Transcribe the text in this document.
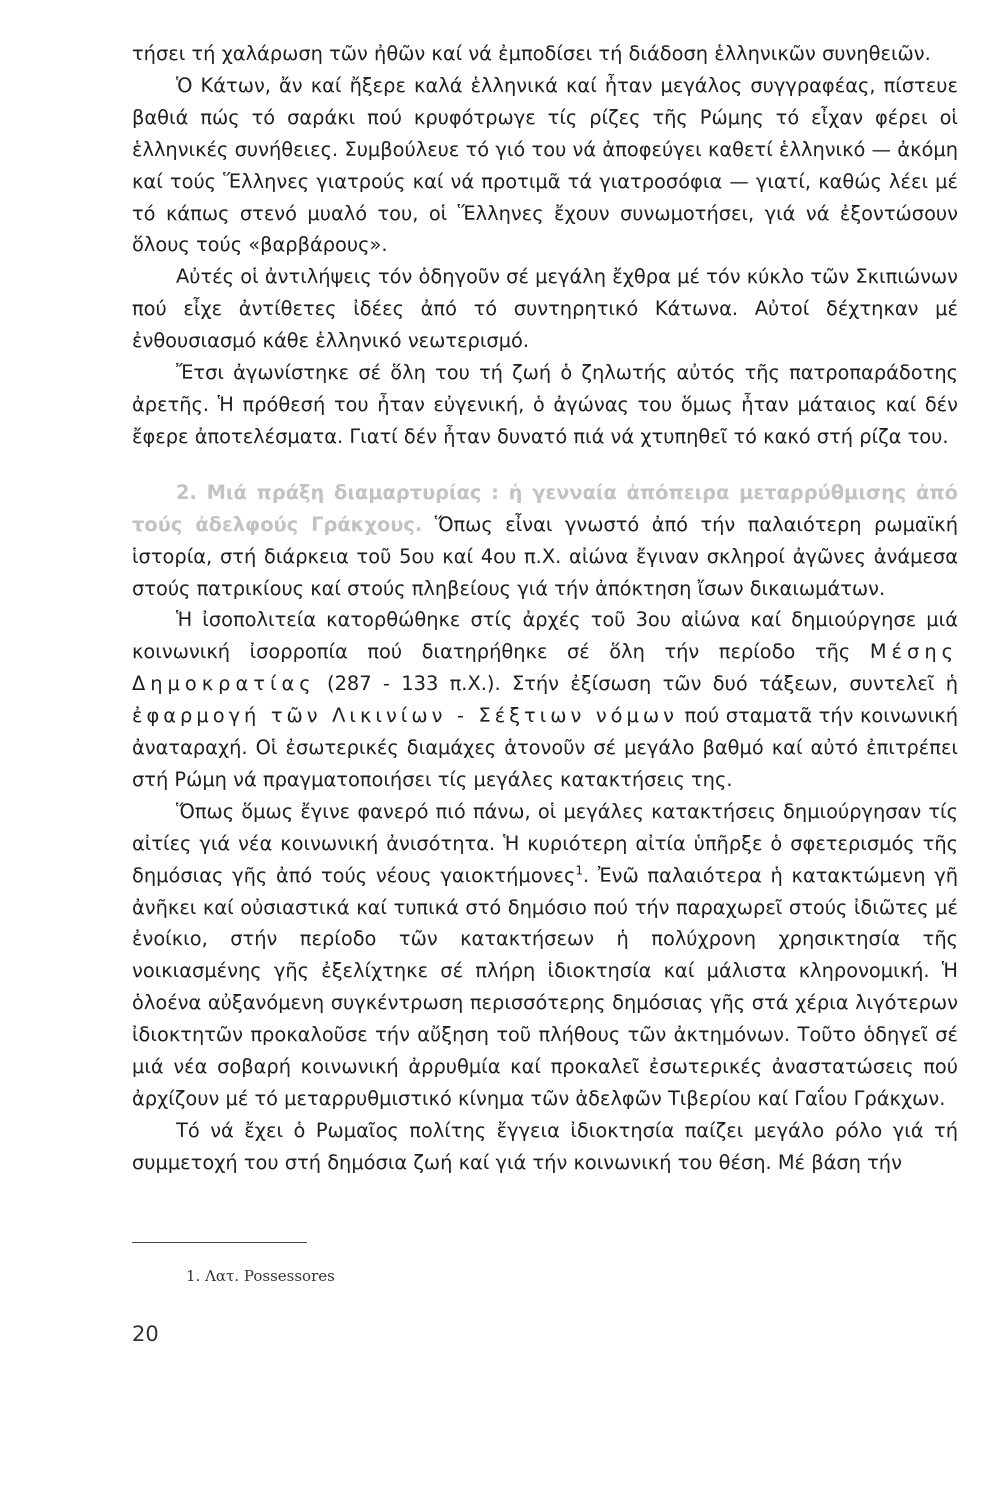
τήσει τή χαλάρωση τῶν ἠθῶν καί νά ἐμποδίσει τή διάδοση ἑλληνικῶν συνηθειῶν.

Ὁ Κάτων, ἄν καί ἤξερε καλά ἑλληνικά καί ἦταν μεγάλος συγγραφέας, πίστευε βαθιά πώς τό σαράκι πού κρυφότρωγε τίς ρίζες τῆς Ρώμης τό εἶχαν φέρει οἱ ἑλληνικές συνήθειες. Συμβούλευε τό γιό του νά ἀποφεύγει καθετί ἑλληνικό — ἀκόμη καί τούς Ἕλληνες γιατρούς καί νά προτιμᾶ τά γιατροσόφια — γιατί, καθώς λέει μέ τό κάπως στενό μυαλό του, οἱ Ἕλληνες ἔχουν συνωμοτήσει, γιά νά ἐξοντώσουν ὅλους τούς «βαρβάρους».

Αὐτές οἱ ἀντιλήψεις τόν ὁδηγοῦν σέ μεγάλη ἔχθρα μέ τόν κύκλο τῶν Σκιπιώνων πού εἶχε ἀντίθετες ἰδέες ἀπό τό συντηρητικό Κάτωνα. Αὐτοί δέχτηκαν μέ ἐνθουσιασμό κάθε ἑλληνικό νεωτερισμό.

Ἔτσι ἀγωνίστηκε σέ ὅλη του τή ζωή ὁ ζηλωτής αὐτός τῆς πατροπαράδοτης ἀρετῆς. Ἡ πρόθεσή του ἦταν εὐγενική, ὁ ἀγώνας του ὅμως ἦταν μάταιος καί δέν ἔφερε ἀποτελέσματα. Γιατί δέν ἦταν δυνατό πιά νά χτυπηθεῖ τό κακό στή ρίζα του.

2. Μιά πράξη διαμαρτυρίας : ἡ γενναία ἀπόπειρα μεταρρύθμισης ἀπό τούς ἀδελφούς Γράκχους. Ὅπως εἶναι γνωστό ἀπό τήν παλαιότερη ρωμαϊκή ἱστορία, στή διάρκεια τοῦ 5ου καί 4ου π.Χ. αἰώνα ἔγιναν σκληροί ἀγῶνες ἀνάμεσα στούς πατρικίους καί στούς πληβείους γιά τήν ἀπόκτηση ἴσων δικαιωμάτων.

Ἡ ἰσοπολιτεία κατορθώθηκε στίς ἀρχές τοῦ 3ου αἰώνα καί δημιούργησε μιά κοινωνική ἰσορροπία πού διατηρήθηκε σέ ὅλη τήν περίοδο τῆς Μέσης Δημοκρατίας (287 - 133 π.Χ.). Στήν ἐξίσωση τῶν δυό τάξεων, συντελεῖ ἡ ἐφαρμογή τῶν Λικινίων - Σέξτιων νόμων πού σταματᾶ τήν κοινωνική ἀναταραχή. Οἱ ἐσωτερικές διαμάχες ἀτονοῦν σέ μεγάλο βαθμό καί αὐτό ἐπιτρέπει στή Ρώμη νά πραγματοποιήσει τίς μεγάλες κατακτήσεις της.

Ὅπως ὅμως ἔγινε φανερό πιό πάνω, οἱ μεγάλες κατακτήσεις δημιούργησαν τίς αἰτίες γιά νέα κοινωνική ἀνισότητα. Ἡ κυριότερη αἰτία ὑπῆρξε ὁ σφετερισμός τῆς δημόσιας γῆς ἀπό τούς νέους γαιοκτήμονες$^1$. Ἐνῶ παλαιότερα ἡ κατακτώμενη γῆ ἀνῆκει καί οὐσιαστικά καί τυπικά στό δημόσιο πού τήν παραχωρεῖ στούς ἰδιῶτες μέ ἐνοίκιο, στήν περίοδο τῶν κατακτήσεων ἡ πολύχρονη χρησικτησία τῆς νοικιασμένης γῆς ἐξελίχτηκε σέ πλήρη ἰδιοκτησία καί μάλιστα κληρονομική. Ἡ ὁλοένα αὐξανόμενη συγκέντρωση περισσότερης δημόσιας γῆς στά χέρια λιγότερων ἰδιοκτητῶν προκαλοῦσε τήν αὔξηση τοῦ πλήθους τῶν ἀκτημόνων. Τοῦτο ὁδηγεῖ σέ μιά νέα σοβαρή κοινωνική ἀρρυθμία καί προκαλεῖ ἐσωτερικές ἀναστατώσεις πού ἀρχίζουν μέ τό μεταρρυθμιστικό κίνημα τῶν ἀδελφῶν Τιβερίου καί Γαΐου Γράκχων.

Τό νά ἔχει ὁ Ρωμαῖος πολίτης ἔγγεια ἰδιοκτησία παίζει μεγάλο ρόλο γιά τή συμμετοχή του στή δημόσια ζωή καί γιά τήν κοινωνική του θέση. Μέ βάση τήν

1. Λατ. Possessores
20
